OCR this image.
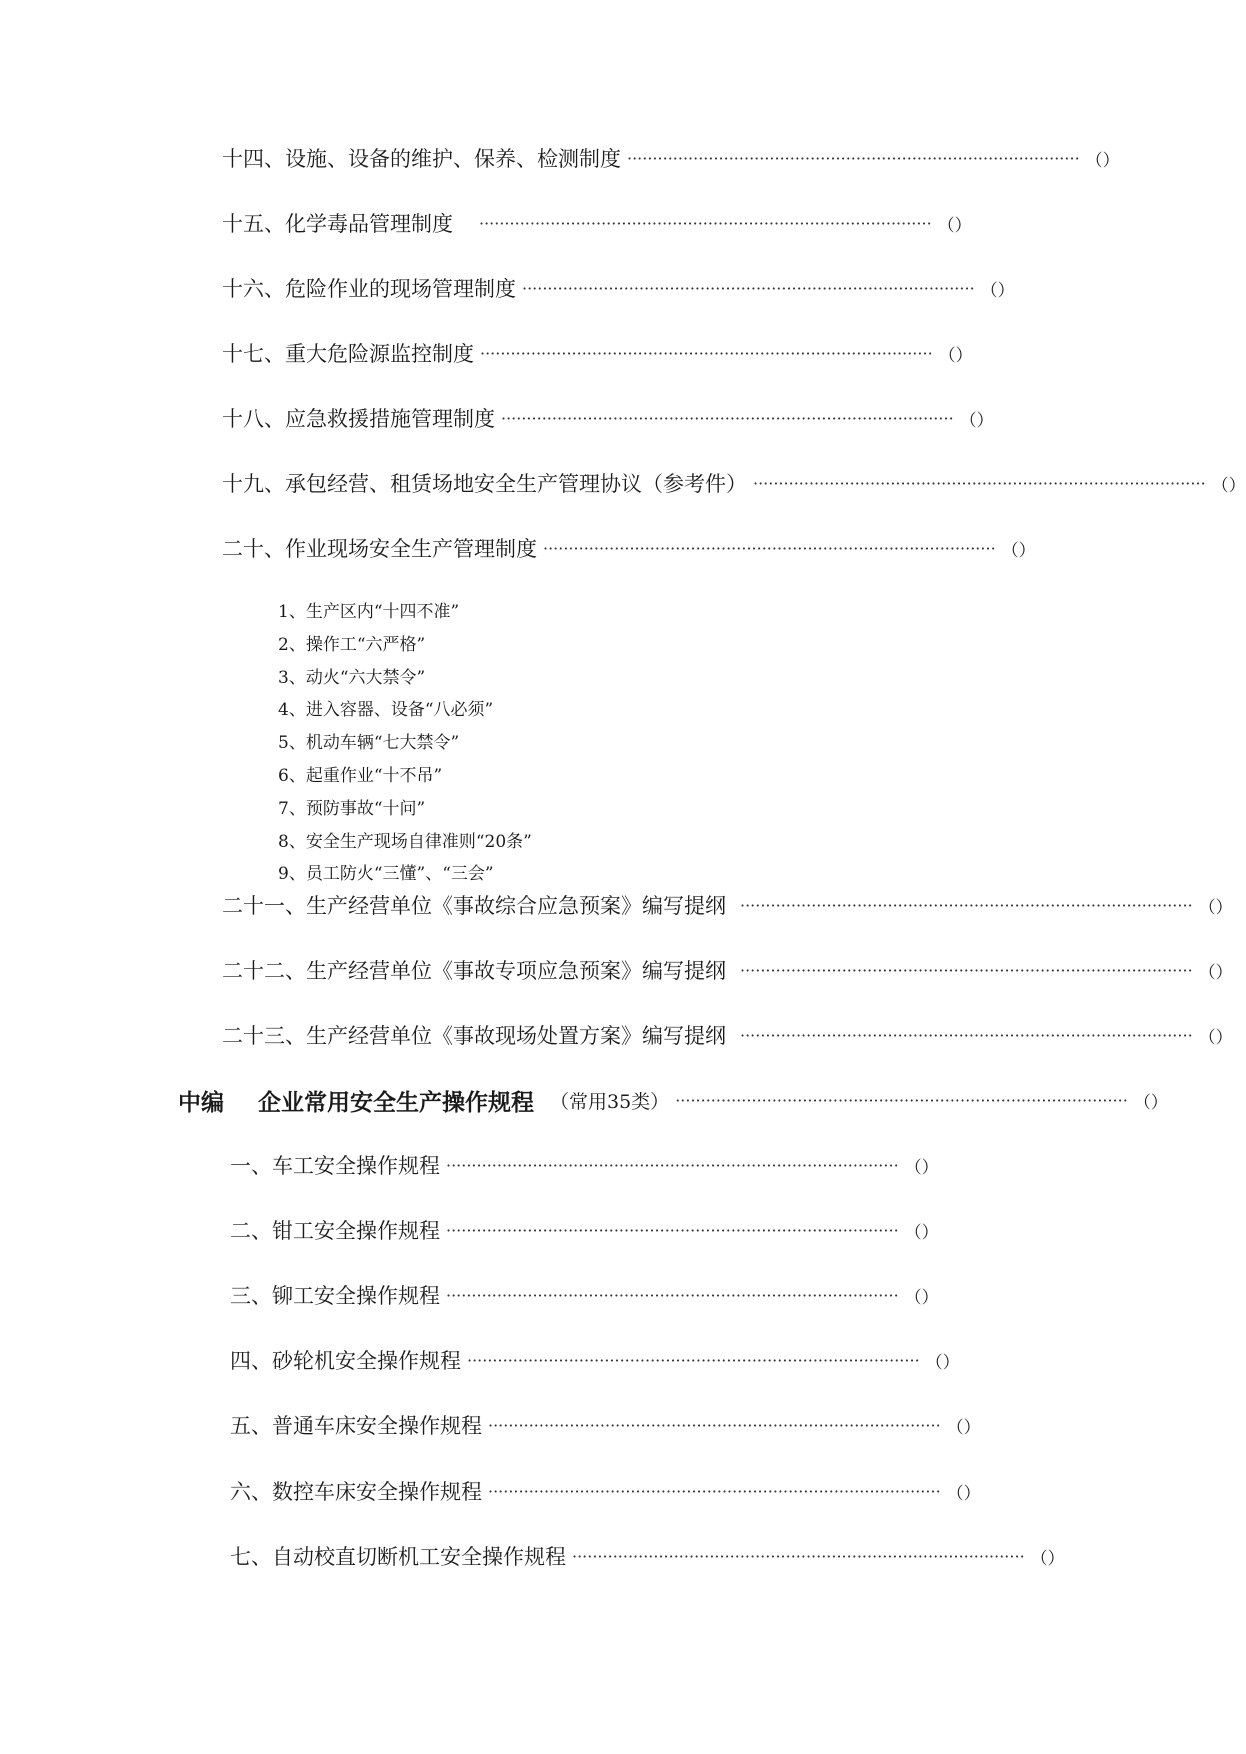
十四、设施、设备的维护、保养、检测制度 ························································································· （）
十五、化学毒品管理制度 ························································································· （）
十六、危险作业的现场管理制度 ························································································· （）
十七、重大危险源监控制度 ························································································· （）
十八、应急救援措施管理制度 ························································································· （）
十九、承包经营、租赁场地安全生产管理协议（参考件） ························································································· （）
二十、作业现场安全生产管理制度 ························································································· （）
1、生产区内“十四不准”
2、操作工“六严格”
3、动火“六大禁令”
4、进入容器、设备“八必须”
5、机动车辆“七大禁令”
6、起重作业“十不吊”
7、预防事故“十问”
8、安全生产现场自律准则“20条”
9、员工防火“三懂”、“三会”
二十一、生产经营单位《事故综合应急预案》编写提纲 ························································································· （）
二十二、生产经营单位《事故专项应急预案》编写提纲 ························································································· （）
二十三、生产经营单位《事故现场处置方案》编写提纲 ························································································· （）
中编 企业常用安全生产操作规程 （常用35类） ························································································· （）
一、车工安全操作规程 ························································································· （）
二、钳工安全操作规程 ························································································· （）
三、铆工安全操作规程 ························································································· （）
四、砂轮机安全操作规程 ························································································· （）
五、普通车床安全操作规程 ························································································· （）
六、数控车床安全操作规程 ························································································· （）
七、自动校直切断机工安全操作规程 ························································································· （）
